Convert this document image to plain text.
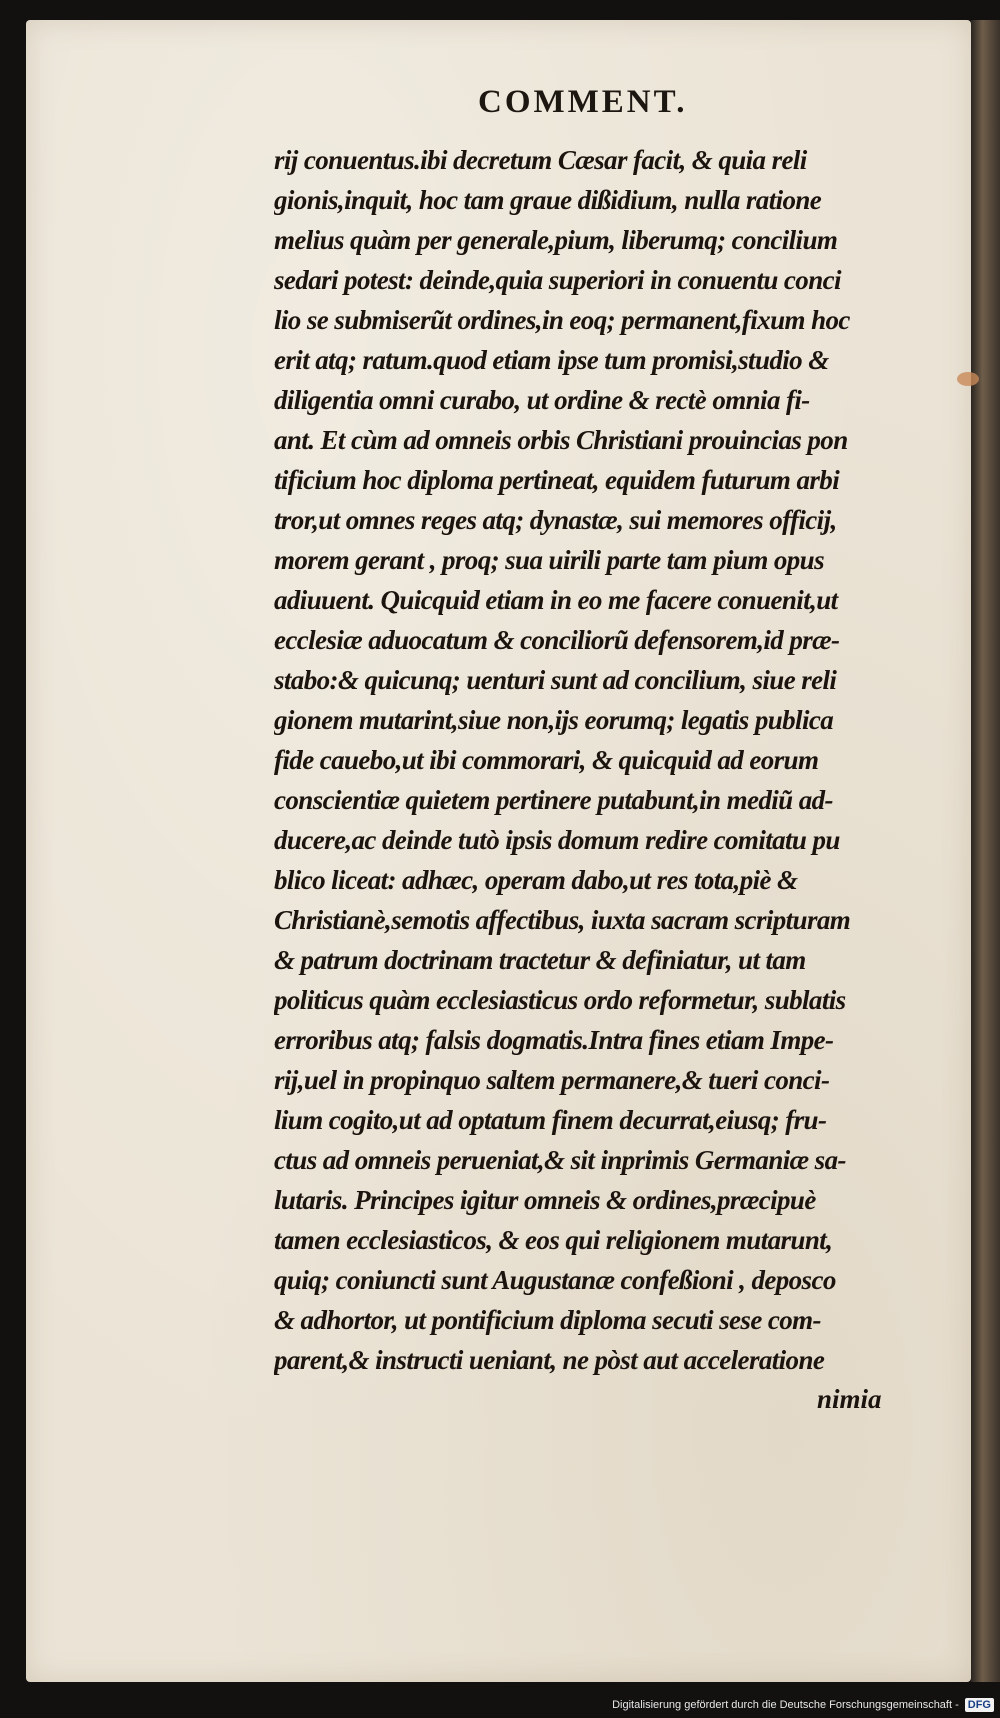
COMMENT.
rij conuentus.ibi decretum Cæsar facit, & quia reli
gionis,inquit, hoc tam graue dißidium, nulla ratione
melius quàm per generale,pium, liberumq; concilium
sedari potest: deinde,quia superiori in conuentu conci
lio se submiserũt ordines,in eoq; permanent,fixum hoc
erit atq; ratum.quod etiam ipse tum promisi,studio &
diligentia omni curabo, ut ordine & rectè omnia fi-
ant. Et cùm ad omneis orbis Christiani prouincias pon
tificium hoc diploma pertineat, equidem futurum arbi
tror,ut omnes reges atq; dynastæ, sui memores officij,
morem gerant , proq; sua uirili parte tam pium opus
adiuuent. Quicquid etiam in eo me facere conuenit,ut
ecclesiæ aduocatum & conciliorũ defensorem,id præ-
stabo:& quicunq; uenturi sunt ad concilium, siue reli
gionem mutarint,siue non,ijs eorumq; legatis publica
fide cauebo,ut ibi commorari, & quicquid ad eorum
conscientiæ quietem pertinere putabunt,in mediũ ad-
ducere,ac deinde tutò ipsis domum redire comitatu pu
blico liceat: adhæc, operam dabo,ut res tota,piè &
Christianè,semotis affectibus, iuxta sacram scripturam
& patrum doctrinam tractetur & definiatur, ut tam
politicus quàm ecclesiasticus ordo reformetur, sublatis
erroribus atq; falsis dogmatis.Intra fines etiam Impe-
rij,uel in propinquo saltem permanere,& tueri conci-
lium cogito,ut ad optatum finem decurrat,eiusq; fru-
ctus ad omneis perueniat,& sit inprimis Germaniæ sa-
lutaris. Principes igitur omneis & ordines,præcipuè
tamen ecclesiasticos, & eos qui religionem mutarunt,
quiq; coniuncti sunt Augustanæ confeßioni , deposco
& adhortor, ut pontificium diploma secuti sese com-
parent,& instructi ueniant, ne pòst aut acceleratione
nimia
Digitalisierung gefördert durch die Deutsche Forschungsgemeinschaft - DFG
